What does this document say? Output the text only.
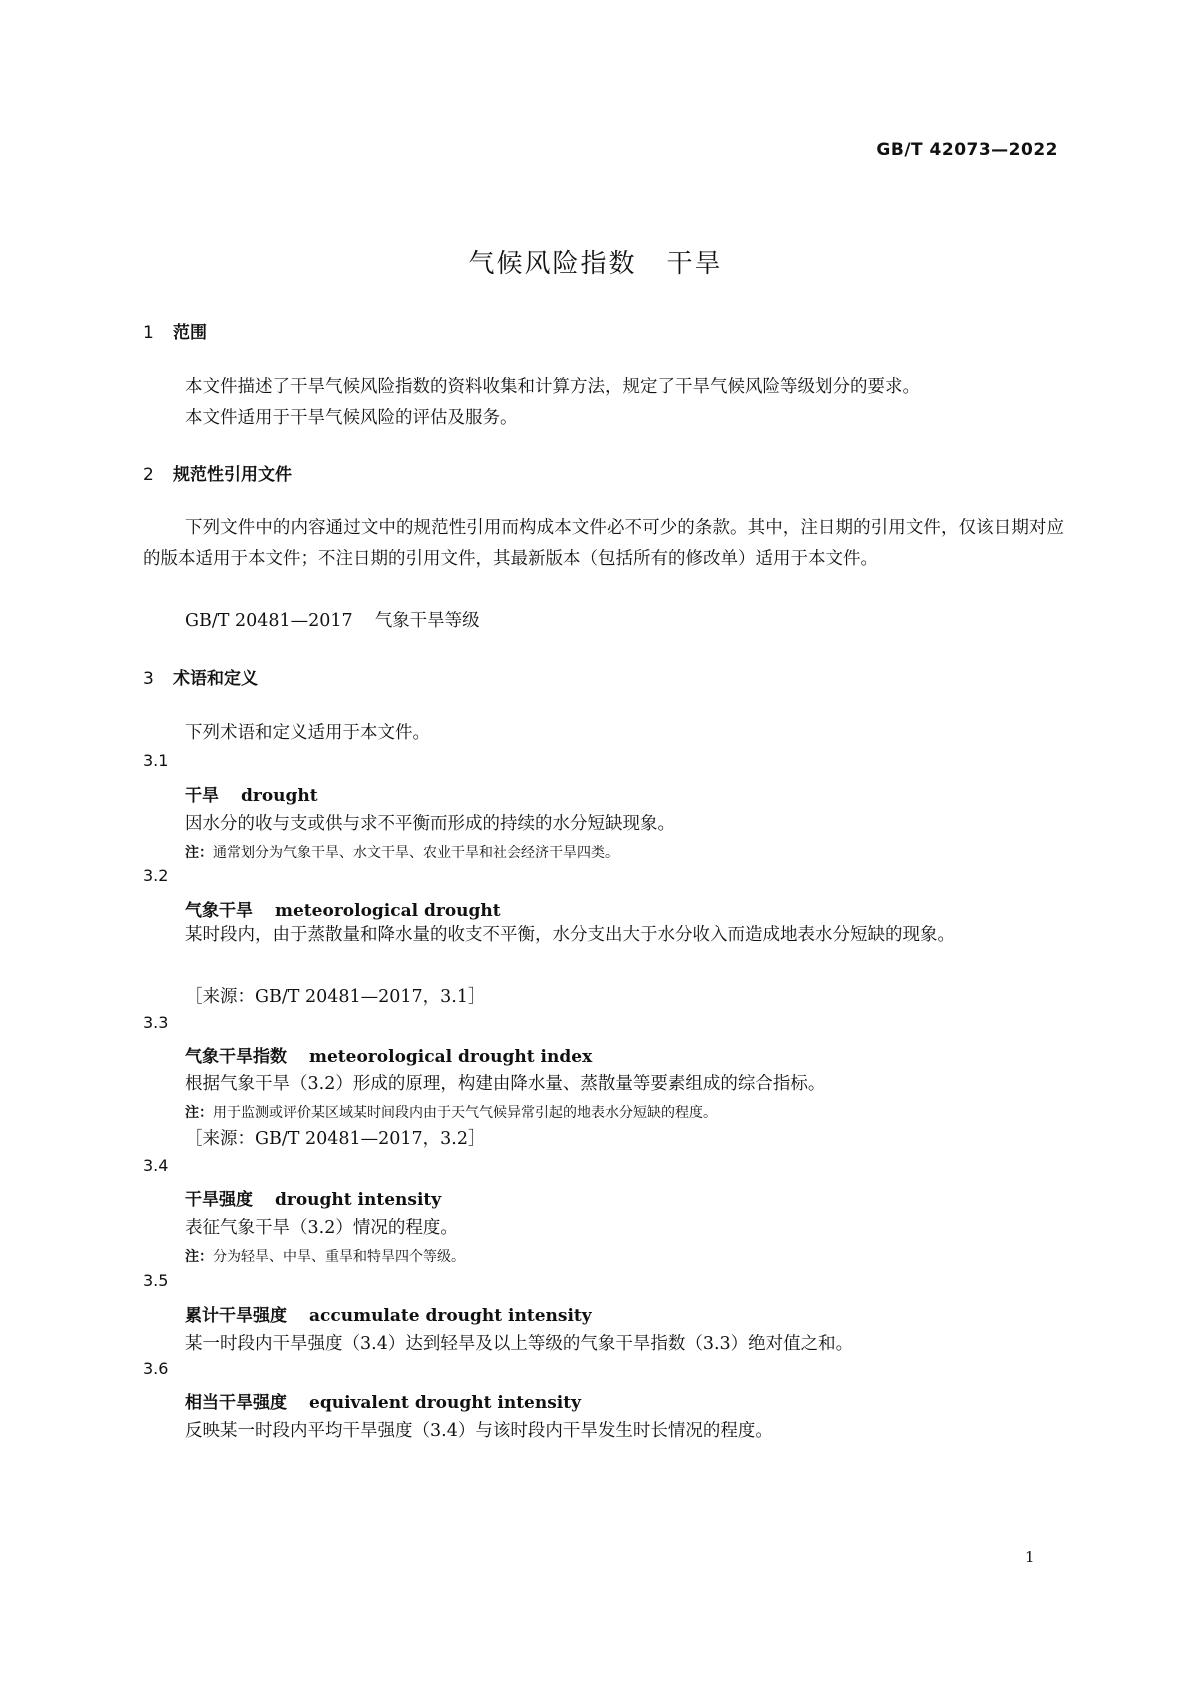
GB/T 42073—2022
气候风险指数 干旱
1 范围
本文件描述了干旱气候风险指数的资料收集和计算方法，规定了干旱气候风险等级划分的要求。
本文件适用于干旱气候风险的评估及服务。
2 规范性引用文件
下列文件中的内容通过文中的规范性引用而构成本文件必不可少的条款。其中，注日期的引用文件，仅该日期对应的版本适用于本文件；不注日期的引用文件，其最新版本（包括所有的修改单）适用于本文件。
GB/T 20481—2017 气象干旱等级
3 术语和定义
下列术语和定义适用于本文件。
3.1
干旱 drought
因水分的收与支或供与求不平衡而形成的持续的水分短缺现象。
注：通常划分为气象干旱、水文干旱、农业干旱和社会经济干旱四类。
3.2
气象干旱 meteorological drought
某时段内，由于蒸散量和降水量的收支不平衡，水分支出大于水分收入而造成地表水分短缺的现象。
［来源：GB/T 20481—2017，3.1］
3.3
气象干旱指数 meteorological drought index
根据气象干旱（3.2）形成的原理，构建由降水量、蒸散量等要素组成的综合指标。
注：用于监测或评价某区域某时间段内由于天气气候异常引起的地表水分短缺的程度。
［来源：GB/T 20481—2017，3.2］
3.4
干旱强度 drought intensity
表征气象干旱（3.2）情况的程度。
注：分为轻旱、中旱、重旱和特旱四个等级。
3.5
累计干旱强度 accumulate drought intensity
某一时段内干旱强度（3.4）达到轻旱及以上等级的气象干旱指数（3.3）绝对值之和。
3.6
相当干旱强度 equivalent drought intensity
反映某一时段内平均干旱强度（3.4）与该时段内干旱发生时长情况的程度。
1
